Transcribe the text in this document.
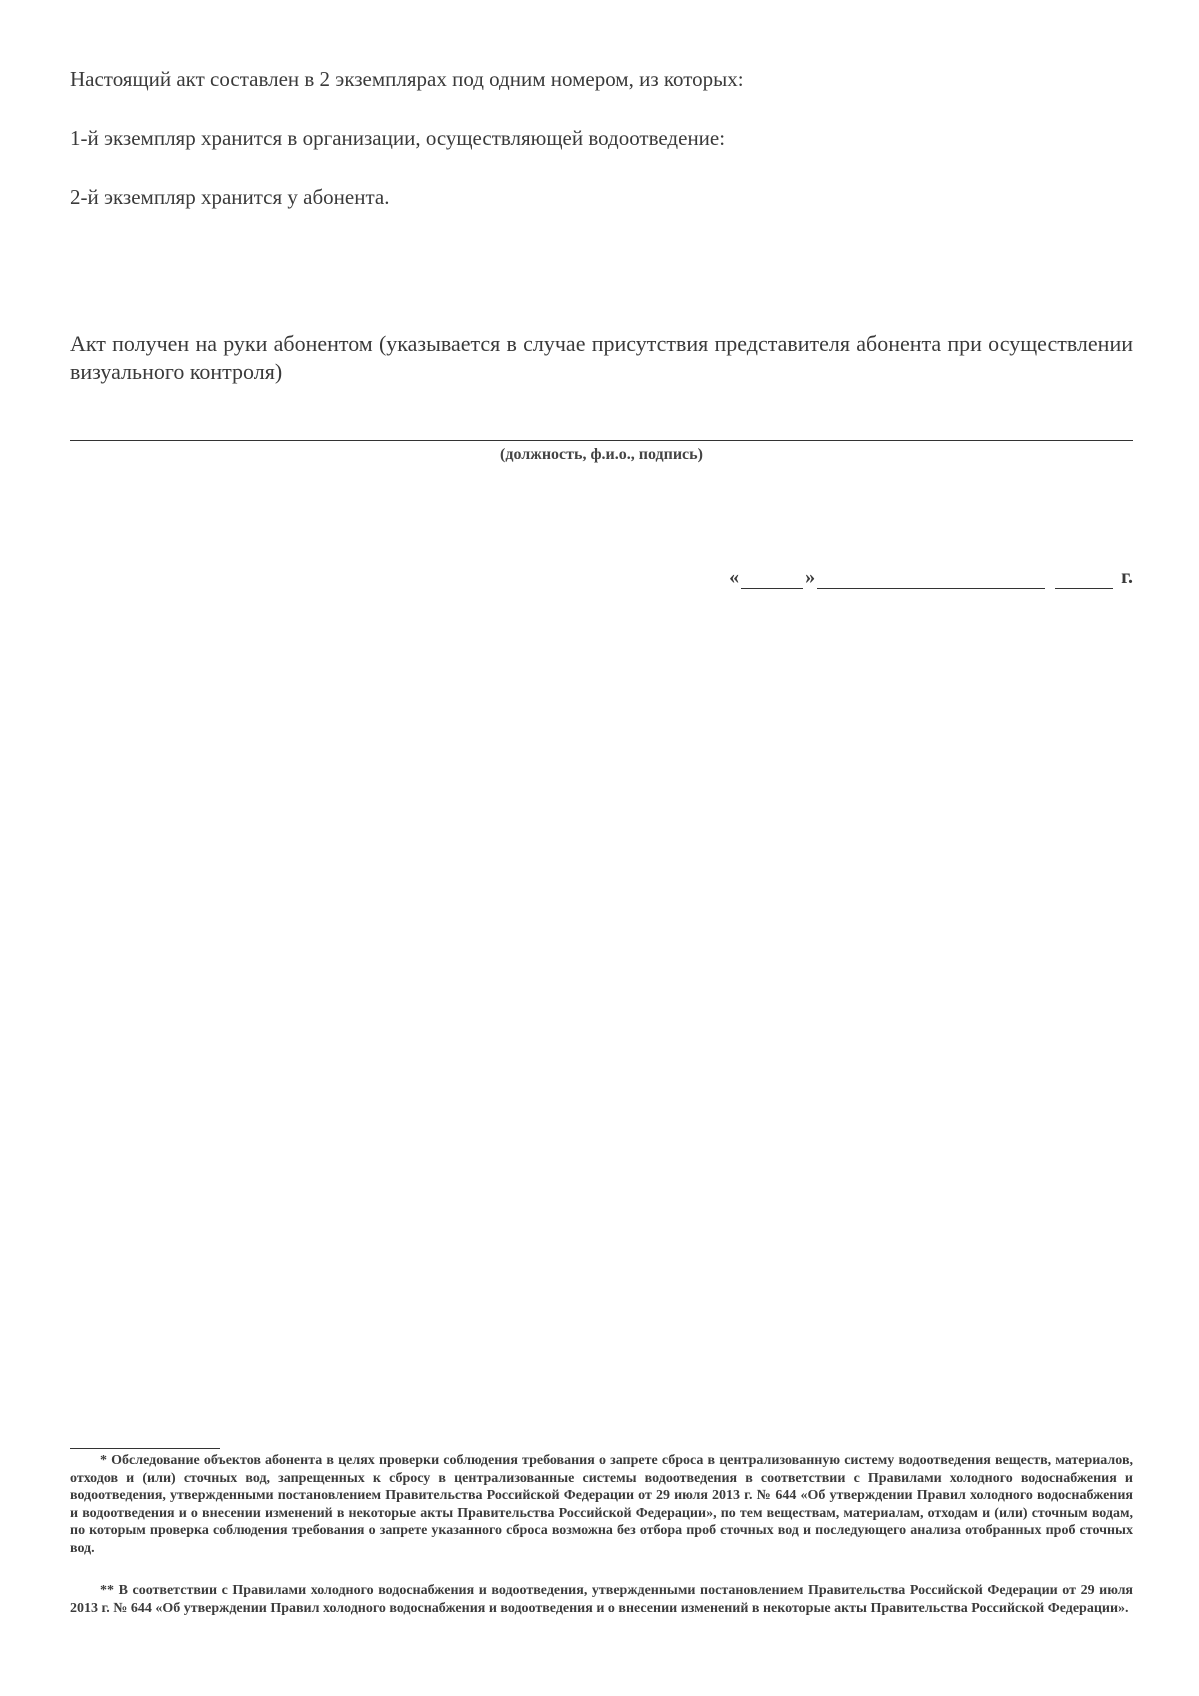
Настоящий акт составлен в 2 экземплярах под одним номером, из которых:

1-й экземпляр хранится в организации, осуществляющей водоотведение:

2-й экземпляр хранится у абонента.

Акт получен на руки абонентом (указывается в случае присутствия представителя абонента при осуществлении визуального контроля)

(должность, ф.и.о., подпись)
«	»	г.

* Обследование объектов абонента в целях проверки соблюдения требования о запрете сброса в централизованную систему водоотведения веществ, материалов, отходов и (или) сточных вод, запрещенных к сбросу в централизованные системы водоотведения в соответствии с Правилами холодного водоснабжения и водоотведения, утвержденными постановлением Правительства Российской Федерации от 29 июля 2013 г. № 644 «Об утверждении Правил холодного водоснабжения и водоотведения и о внесении изменений в некоторые акты Правительства Российской Федерации», по тем веществам, материалам, отходам и (или) сточным водам, по которым проверка соблюдения требования о запрете указанного сброса возможна без отбора проб сточных вод и последующего анализа отобранных проб сточных вод.

** В соответствии с Правилами холодного водоснабжения и водоотведения, утвержденными постановлением Правительства Российской Федерации от 29 июля 2013 г. № 644 «Об утверждении Правил холодного водоснабжения и водоотведения и о внесении изменений в некоторые акты Правительства Российской Федерации».
